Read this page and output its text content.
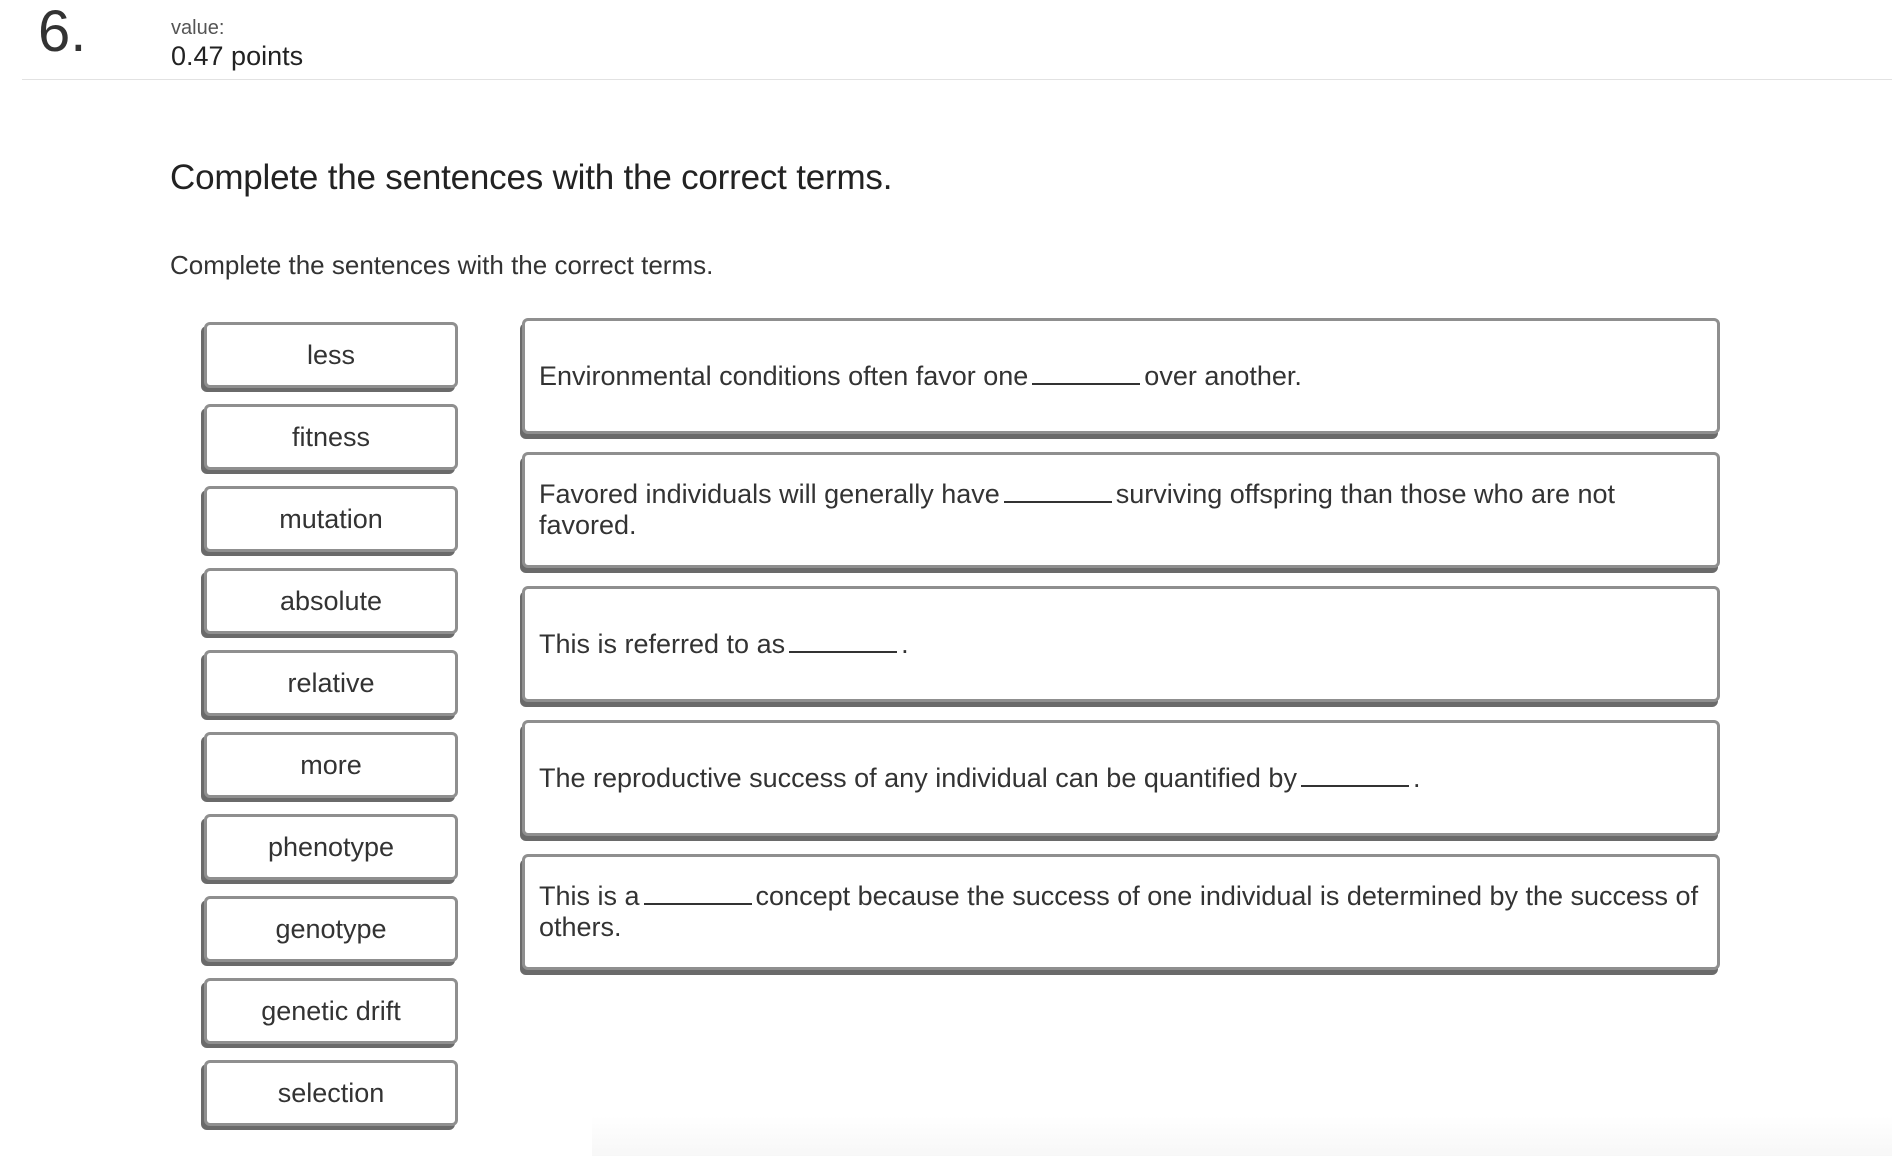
6.	value:
0.47 points
Complete the sentences with the correct terms.

Complete the sentences with the correct terms.

less
fitness
mutation
absolute
relative
more
phenotype
genotype
genetic drift
selection
Environmental conditions often favor one	over another.
Favored individuals will generally have	surviving offspring than those who are not favored.
This is referred to as	.
The reproductive success of any individual can be quantified by	.
This is a	concept because the success of one individual is determined by the success of others.
